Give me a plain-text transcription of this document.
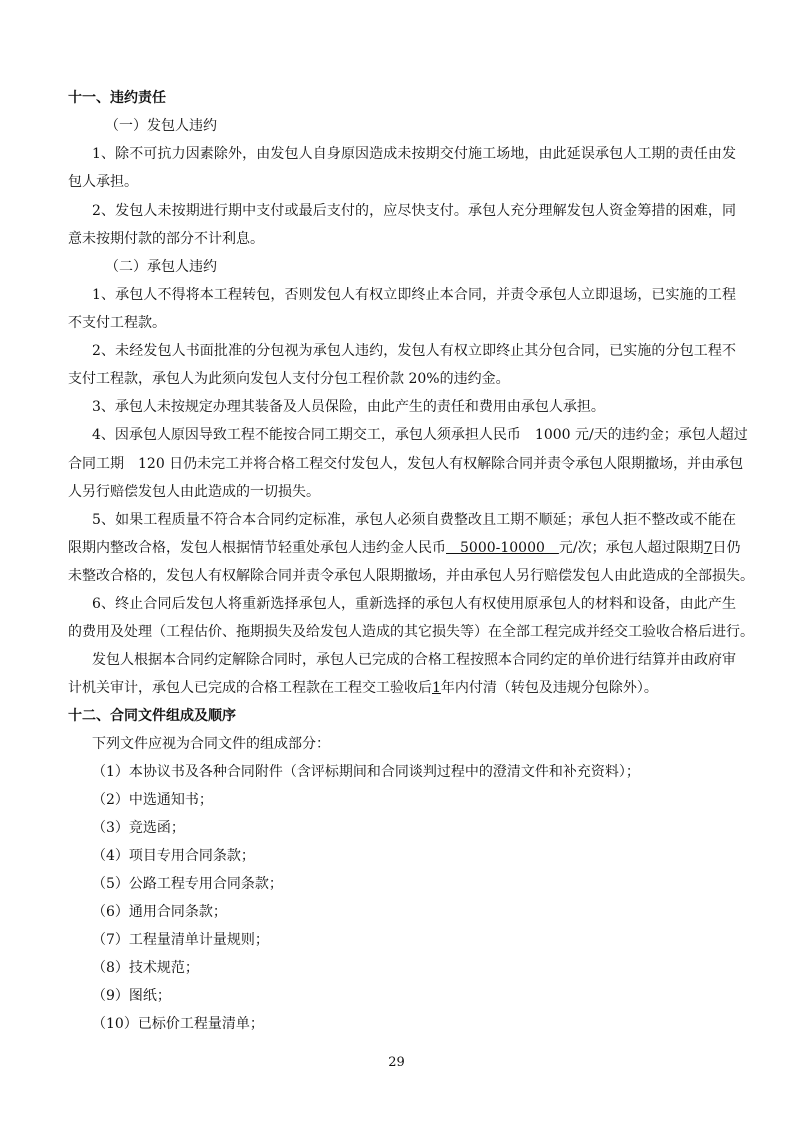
十一、违约责任
（一）发包人违约
1、除不可抗力因素除外，由发包人自身原因造成未按期交付施工场地，由此延误承包人工期的责任由发
包人承担。
2、发包人未按期进行期中支付或最后支付的，应尽快支付。承包人充分理解发包人资金筹措的困难，同
意未按期付款的部分不计利息。
（二）承包人违约
1、承包人不得将本工程转包，否则发包人有权立即终止本合同，并责令承包人立即退场，已实施的工程
不支付工程款。
2、未经发包人书面批准的分包视为承包人违约，发包人有权立即终止其分包合同，已实施的分包工程不
支付工程款，承包人为此须向发包人支付分包工程价款 20%的违约金。
3、承包人未按规定办理其装备及人员保险，由此产生的责任和费用由承包人承担。
4、因承包人原因导致工程不能按合同工期交工，承包人须承担人民币　1000 元/天的违约金；承包人超过
合同工期　120 日仍未完工并将合格工程交付发包人，发包人有权解除合同并责令承包人限期撤场，并由承包
人另行赔偿发包人由此造成的一切损失。
5、如果工程质量不符合本合同约定标准，承包人必须自费整改且工期不顺延；承包人拒不整改或不能在
限期内整改合格，发包人根据情节轻重处承包人违约金人民币　5000-10000　元/次；承包人超过限期7日仍
未整改合格的，发包人有权解除合同并责令承包人限期撤场，并由承包人另行赔偿发包人由此造成的全部损失。
6、终止合同后发包人将重新选择承包人，重新选择的承包人有权使用原承包人的材料和设备，由此产生
的费用及处理（工程估价、拖期损失及给发包人造成的其它损失等）在全部工程完成并经交工验收合格后进行。
发包人根据本合同约定解除合同时，承包人已完成的合格工程按照本合同约定的单价进行结算并由政府审
计机关审计，承包人已完成的合格工程款在工程交工验收后1年内付清（转包及违规分包除外）。
十二、合同文件组成及顺序
下列文件应视为合同文件的组成部分：
（1）本协议书及各种合同附件（含评标期间和合同谈判过程中的澄清文件和补充资料）；
（2）中选通知书；
（3）竞选函；
（4）项目专用合同条款；
（5）公路工程专用合同条款；
（6）通用合同条款；
（7）工程量清单计量规则；
（8）技术规范；
（9）图纸；
（10）已标价工程量清单；
29
